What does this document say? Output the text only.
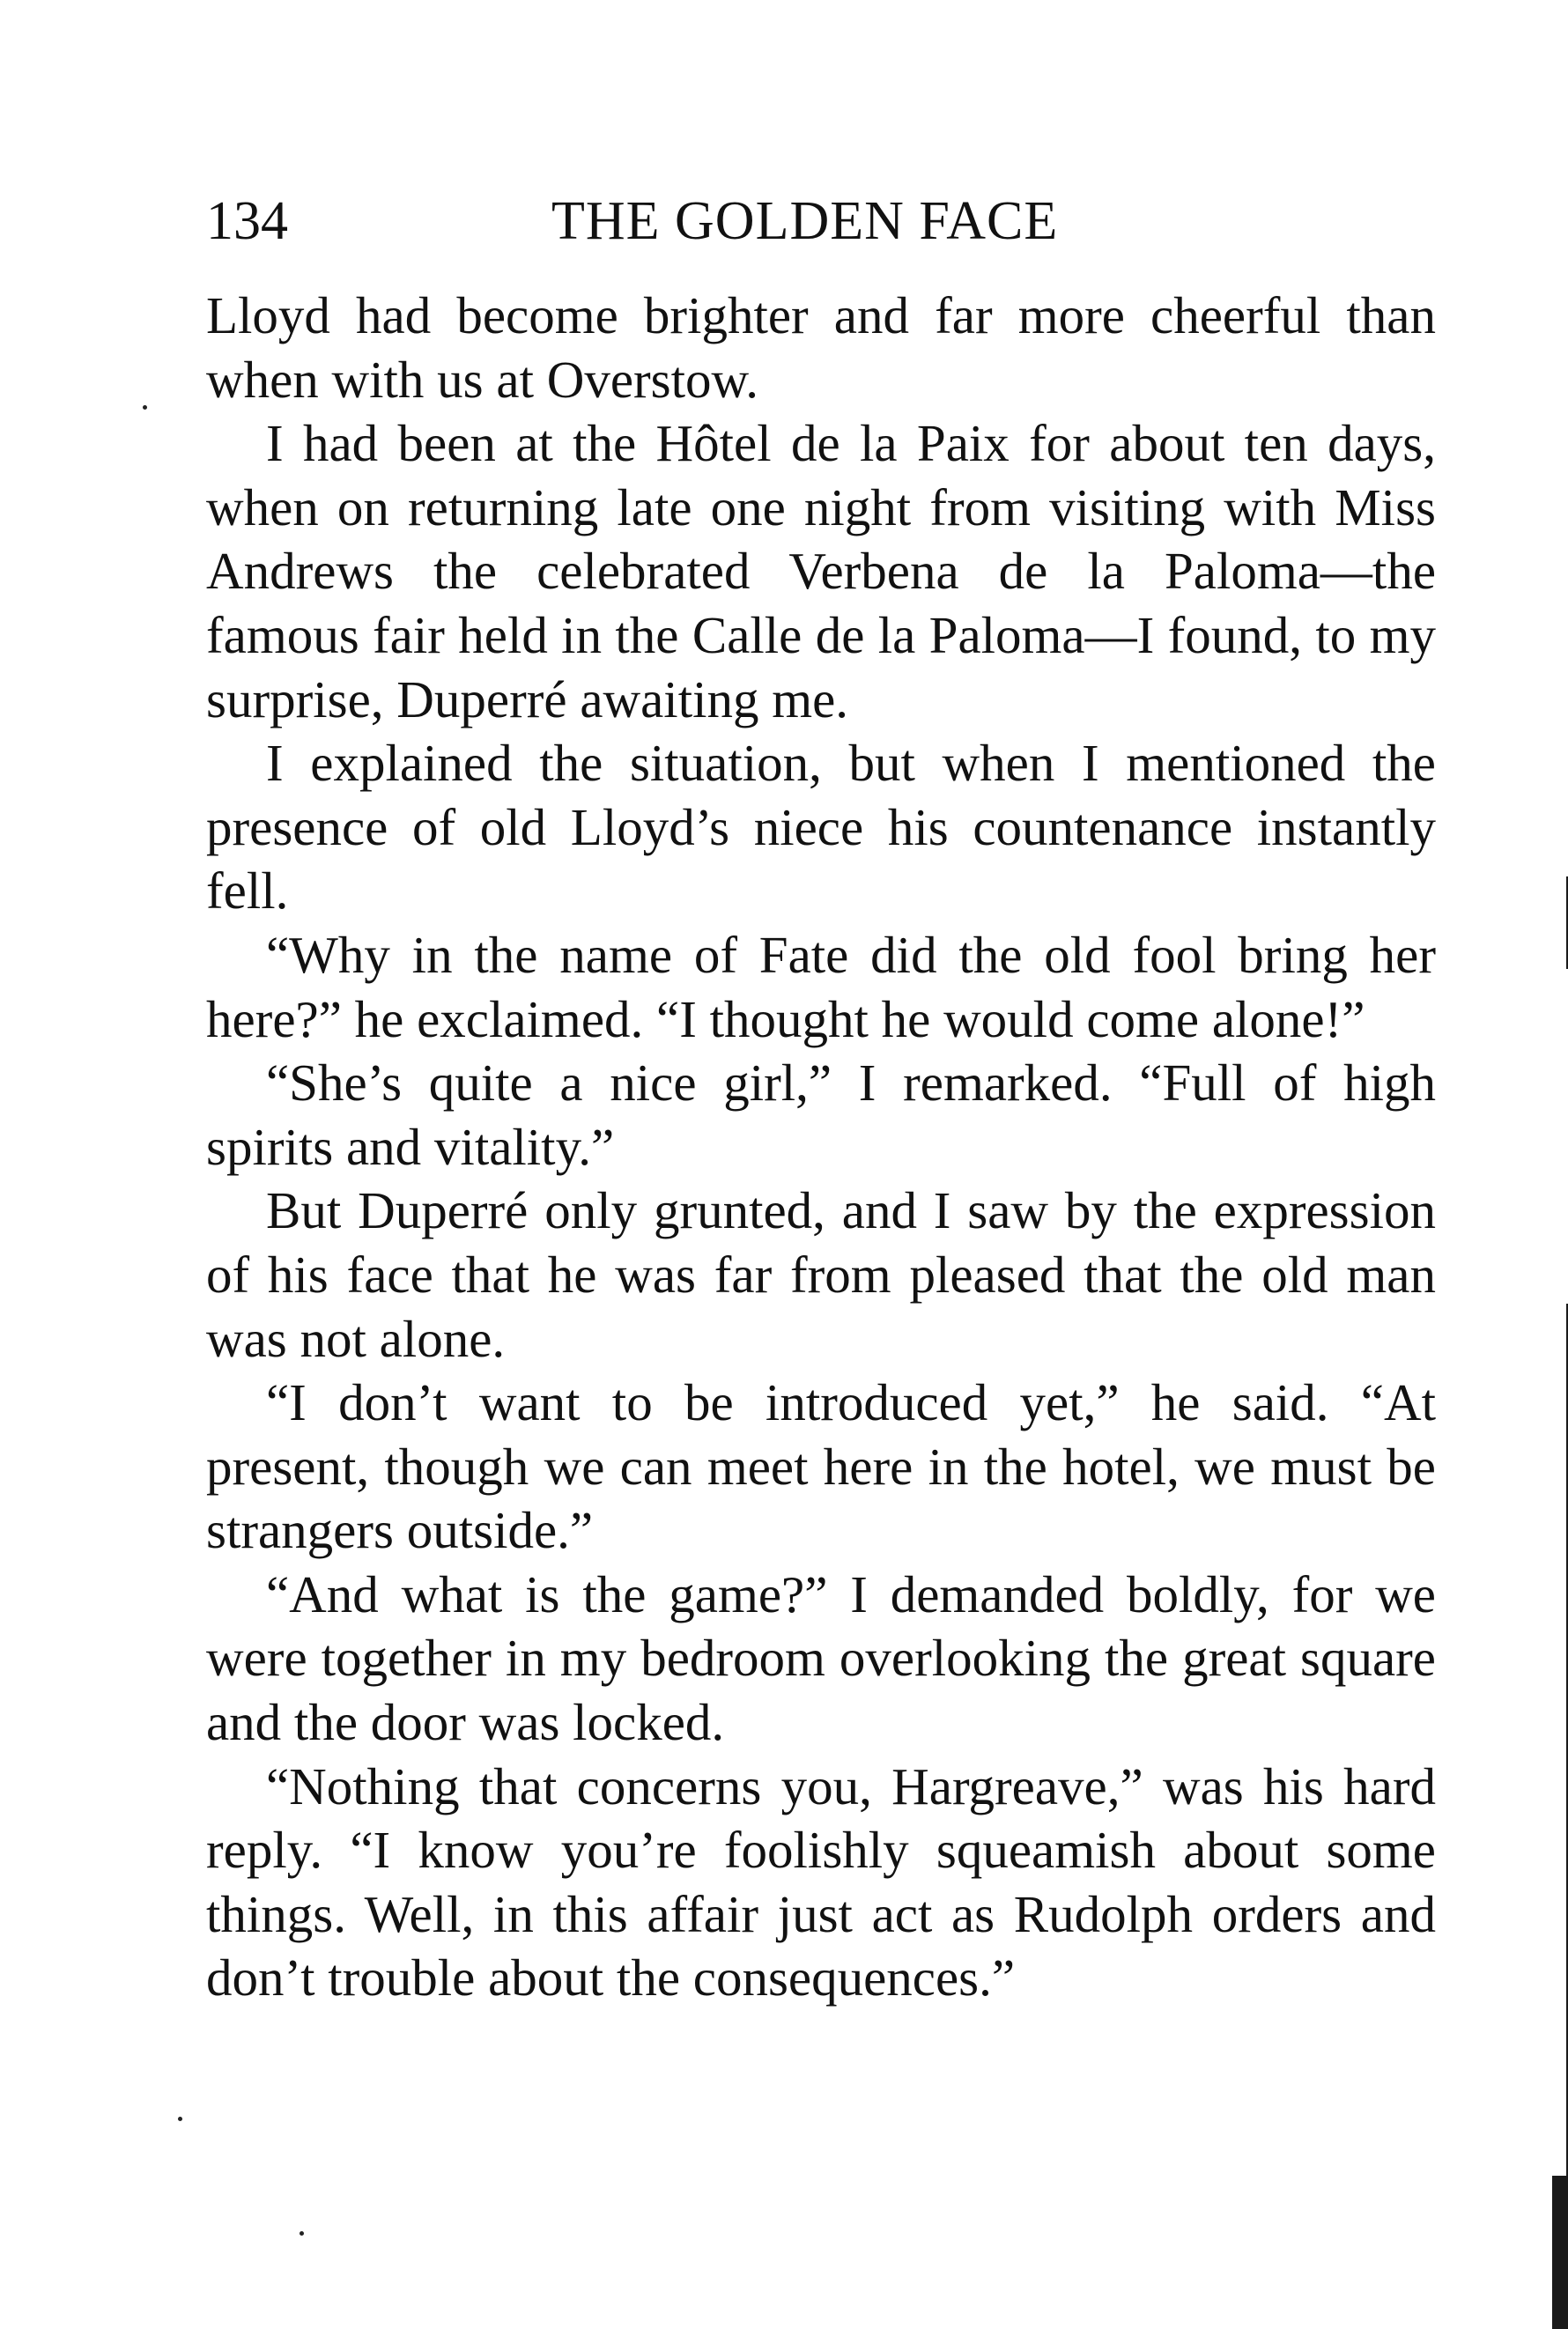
134	THE GOLDEN FACE

Lloyd had become brighter and far more cheerful than when with us at Overstow.

I had been at the Hôtel de la Paix for about ten days, when on returning late one night from visiting with Miss Andrews the celebrated Verbena de la Paloma—the famous fair held in the Calle de la Paloma—I found, to my surprise, Duperré awaiting me.

I explained the situation, but when I mentioned the presence of old Lloyd’s niece his countenance instantly fell.

“Why in the name of Fate did the old fool bring her here?” he exclaimed. “I thought he would come alone!”

“She’s quite a nice girl,” I remarked. “Full of high spirits and vitality.”

But Duperré only grunted, and I saw by the expression of his face that he was far from pleased that the old man was not alone.

“I don’t want to be introduced yet,” he said. “At present, though we can meet here in the hotel, we must be strangers outside.”

“And what is the game?” I demanded boldly, for we were together in my bedroom overlooking the great square and the door was locked.

“Nothing that concerns you, Hargreave,” was his hard reply. “I know you’re foolishly squeamish about some things. Well, in this affair just act as Rudolph orders and don’t trouble about the consequences.”
